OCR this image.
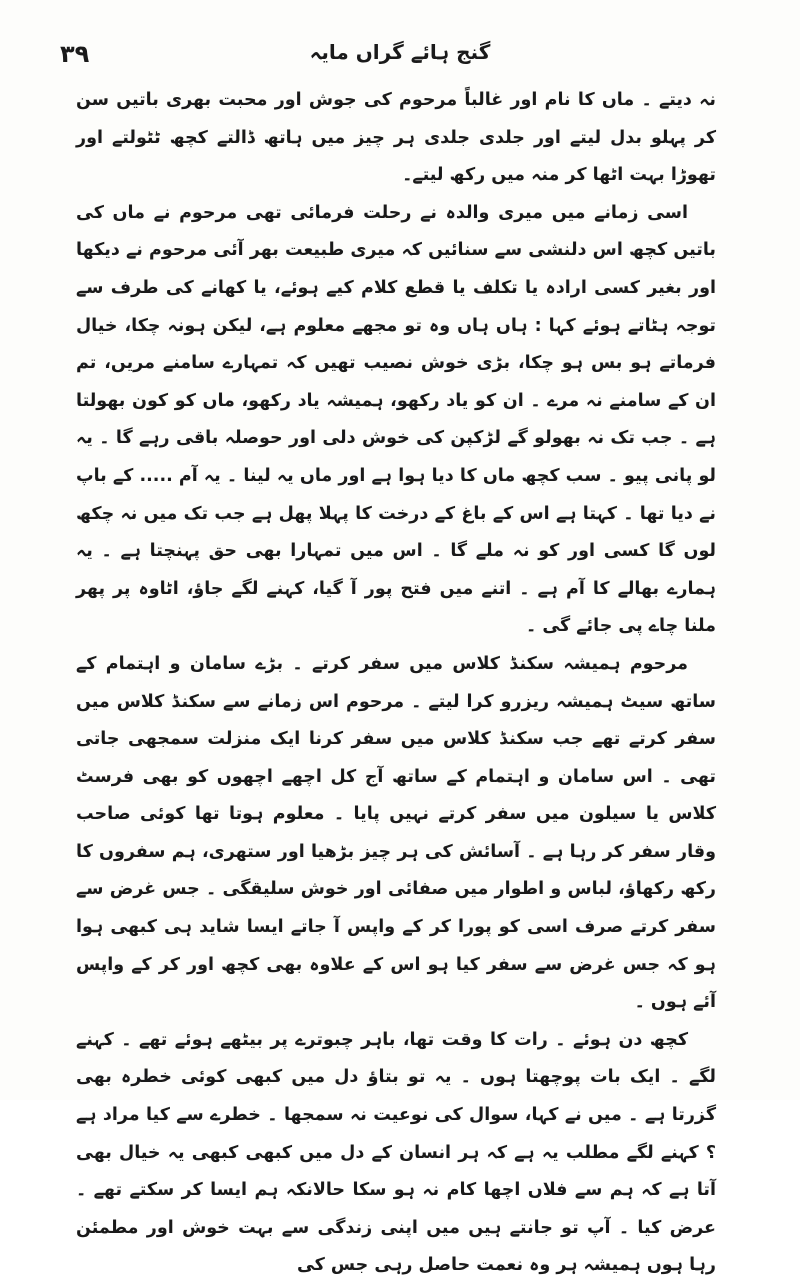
۳۹	گنج ہائے گراں مایہ

نہ دیتے ۔ ماں کا نام اور غالباً مرحوم کی جوش اور محبت بھری باتیں سن کر پہلو بدل لیتے اور جلدی جلدی ہر چیز میں ہاتھ ڈالتے کچھ ٹٹولتے اور تھوڑا بہت اٹھا کر منہ میں رکھ لیتے۔

اسی زمانے میں میری والدہ نے رحلت فرمائی تھی مرحوم نے ماں کی باتیں کچھ اس دلنشی سے سنائیں کہ میری طبیعت بھر آئی مرحوم نے دیکھا اور بغیر کسی ارادہ یا تکلف یا قطع کلام کیے ہوئے، یا کھانے کی طرف سے توجہ ہٹاتے ہوئے کہا : ہاں ہاں وہ تو مجھے معلوم ہے، لیکن ہونہ چکا، خیال فرماتے ہو بس ہو چکا، بڑی خوش نصیب تھیں کہ تمہارے سامنے مریں، تم ان کے سامنے نہ مرے ۔ ان کو یاد رکھو، ہمیشہ یاد رکھو، ماں کو کون بھولتا ہے ۔ جب تک نہ بھولو گے لڑکپن کی خوش دلی اور حوصلہ باقی رہے گا ۔ یہ لو پانی پیو ۔ سب کچھ ماں کا دیا ہوا ہے اور ماں یہ لینا ۔ یہ آم ..... کے باپ نے دیا تھا ۔ کہتا ہے اس کے باغ کے درخت کا پہلا پھل ہے جب تک میں نہ چکھ لوں گا کسی اور کو نہ ملے گا ۔ اس میں تمہارا بھی حق پہنچتا ہے ۔ یہ ہمارے بھالے کا آم ہے ۔ اتنے میں فتح پور آ گیا، کہنے لگے جاؤ، اٹاوہ پر پھر ملنا چاے پی جائے گی ۔

مرحوم ہمیشہ سکنڈ کلاس میں سفر کرتے ۔ بڑے سامان و اہتمام کے ساتھ سیٹ ہمیشہ ریزرو کرا لیتے ۔ مرحوم اس زمانے سے سکنڈ کلاس میں سفر کرتے تھے جب سکنڈ کلاس میں سفر کرنا ایک منزلت سمجھی جاتی تھی ۔ اس سامان و اہتمام کے ساتھ آج کل اچھے اچھوں کو بھی فرسٹ کلاس یا سیلون میں سفر کرتے نہیں پایا ۔ معلوم ہوتا تھا کوئی صاحب وقار سفر کر رہا ہے ۔ آسائش کی ہر چیز بڑھیا اور ستھری، ہم سفروں کا رکھ رکھاؤ، لباس و اطوار میں صفائی اور خوش سلیقگی ۔ جس غرض سے سفر کرتے صرف اسی کو پورا کر کے واپس آ جاتے ایسا شاید ہی کبھی ہوا ہو کہ جس غرض سے سفر کیا ہو اس کے علاوہ بھی کچھ اور کر کے واپس آئے ہوں ۔

کچھ دن ہوئے ۔ رات کا وقت تھا، باہر چبوترے پر بیٹھے ہوئے تھے ۔ کہنے لگے ۔ ایک بات پوچھتا ہوں ۔ یہ تو بتاؤ دل میں کبھی کوئی خطرہ بھی گزرتا ہے ۔ میں نے کہا، سوال کی نوعیت نہ سمجھا ۔ خطرے سے کیا مراد ہے ؟ کہنے لگے مطلب یہ ہے کہ ہر انسان کے دل میں کبھی کبھی یہ خیال بھی آتا ہے کہ ہم سے فلاں اچھا کام نہ ہو سکا حالانکہ ہم ایسا کر سکتے تھے ۔ عرض کیا ۔ آپ تو جانتے ہیں میں اپنی زندگی سے بہت خوش اور مطمئن رہا ہوں ہمیشہ ہر وہ نعمت حاصل رہی جس کی
